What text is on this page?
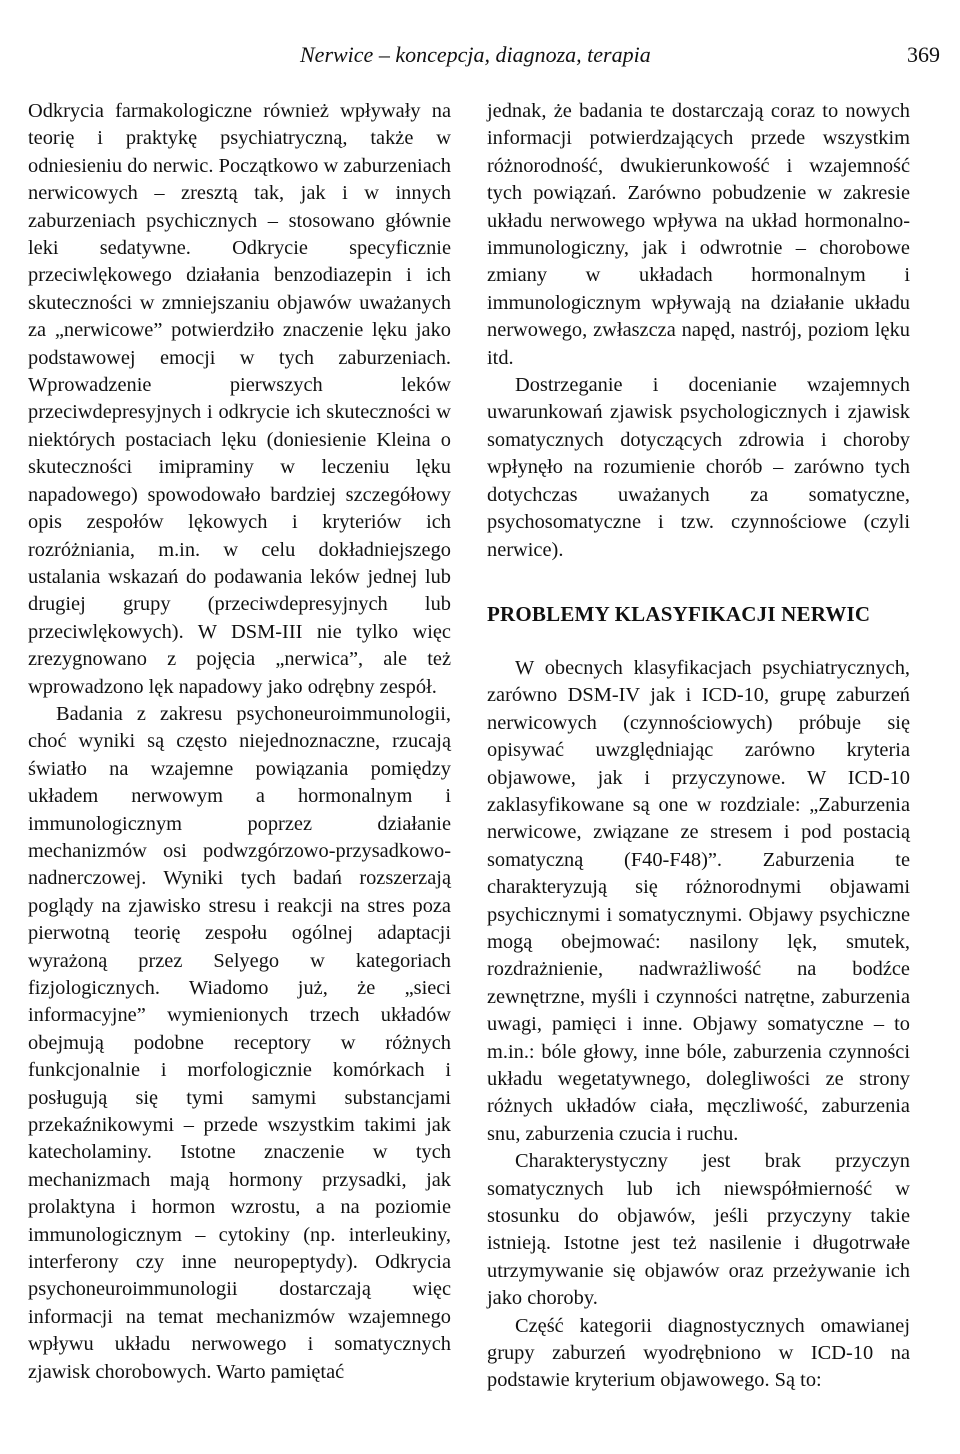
Nerwice – koncepcja, diagnoza, terapia	369

Odkrycia farmakologiczne również wpływały na teorię i praktykę psychiatryczną, także w odniesieniu do nerwic. Początkowo w zaburzeniach nerwicowych – zresztą tak, jak i w innych zaburzeniach psychicznych – stosowano głównie leki sedatywne. Odkrycie specyficznie przeciwlękowego działania benzodiazepin i ich skuteczności w zmniejszaniu objawów uważanych za „nerwicowe” potwierdziło znaczenie lęku jako podstawowej emocji w tych zaburzeniach. Wprowadzenie pierwszych leków przeciwdepresyjnych i odkrycie ich skuteczności w niektórych postaciach lęku (doniesienie Kleina o skuteczności imipraminy w leczeniu lęku napadowego) spowodowało bardziej szczegółowy opis zespołów lękowych i kryteriów ich rozróżniania, m.in. w celu dokładniejszego ustalania wskazań do podawania leków jednej lub drugiej grupy (przeciwdepresyjnych lub przeciwlękowych). W DSM-III nie tylko więc zrezygnowano z pojęcia „nerwica”, ale też wprowadzono lęk napadowy jako odrębny zespół.

Badania z zakresu psychoneuroimmunologii, choć wyniki są często niejednoznaczne, rzucają światło na wzajemne powiązania pomiędzy układem nerwowym a hormonalnym i immunologicznym poprzez działanie mechanizmów osi podwzgórzowo-przysadkowo-nadnerczowej. Wyniki tych badań rozszerzają poglądy na zjawisko stresu i reakcji na stres poza pierwotną teorię zespołu ogólnej adaptacji wyrażoną przez Selyego w kategoriach fizjologicznych. Wiadomo już, że „sieci informacyjne” wymienionych trzech układów obejmują podobne receptory w różnych funkcjonalnie i morfologicznie komórkach i posługują się tymi samymi substancjami przekaźnikowymi – przede wszystkim takimi jak katecholaminy. Istotne znaczenie w tych mechanizmach mają hormony przysadki, jak prolaktyna i hormon wzrostu, a na poziomie immunologicznym – cytokiny (np. interleukiny, interferony czy inne neuropeptydy). Odkrycia psychoneuroimmunologii dostarczają więc informacji na temat mechanizmów wzajemnego wpływu układu nerwowego i somatycznych zjawisk chorobowych. Warto pamiętać

jednak, że badania te dostarczają coraz to nowych informacji potwierdzających przede wszystkim różnorodność, dwukierunkowość i wzajemność tych powiązań. Zarówno pobudzenie w zakresie układu nerwowego wpływa na układ hormonalno-immunologiczny, jak i odwrotnie – chorobowe zmiany w układach hormonalnym i immunologicznym wpływają na działanie układu nerwowego, zwłaszcza napęd, nastrój, poziom lęku itd.

Dostrzeganie i docenianie wzajemnych uwarunkowań zjawisk psychologicznych i zjawisk somatycznych dotyczących zdrowia i choroby wpłynęło na rozumienie chorób – zarówno tych dotychczas uważanych za somatyczne, psychosomatyczne i tzw. czynnościowe (czyli nerwice).

PROBLEMY KLASYFIKACJI NERWIC

W obecnych klasyfikacjach psychiatrycznych, zarówno DSM-IV jak i ICD-10, grupę zaburzeń nerwicowych (czynnościowych) próbuje się opisywać uwzględniając zarówno kryteria objawowe, jak i przyczynowe. W ICD-10 zaklasyfikowane są one w rozdziale: „Zaburzenia nerwicowe, związane ze stresem i pod postacią somatyczną (F40-F48)”. Zaburzenia te charakteryzują się różnorodnymi objawami psychicznymi i somatycznymi. Objawy psychiczne mogą obejmować: nasilony lęk, smutek, rozdrażnienie, nadwrażliwość na bodźce zewnętrzne, myśli i czynności natrętne, zaburzenia uwagi, pamięci i inne. Objawy somatyczne – to m.in.: bóle głowy, inne bóle, zaburzenia czynności układu wegetatywnego, dolegliwości ze strony różnych układów ciała, męczliwość, zaburzenia snu, zaburzenia czucia i ruchu.

Charakterystyczny jest brak przyczyn somatycznych lub ich niewspółmierność w stosunku do objawów, jeśli przyczyny takie istnieją. Istotne jest też nasilenie i długotrwałe utrzymywanie się objawów oraz przeżywanie ich jako choroby.

Część kategorii diagnostycznych omawianej grupy zaburzeń wyodrębniono w ICD-10 na podstawie kryterium objawowego. Są to:
